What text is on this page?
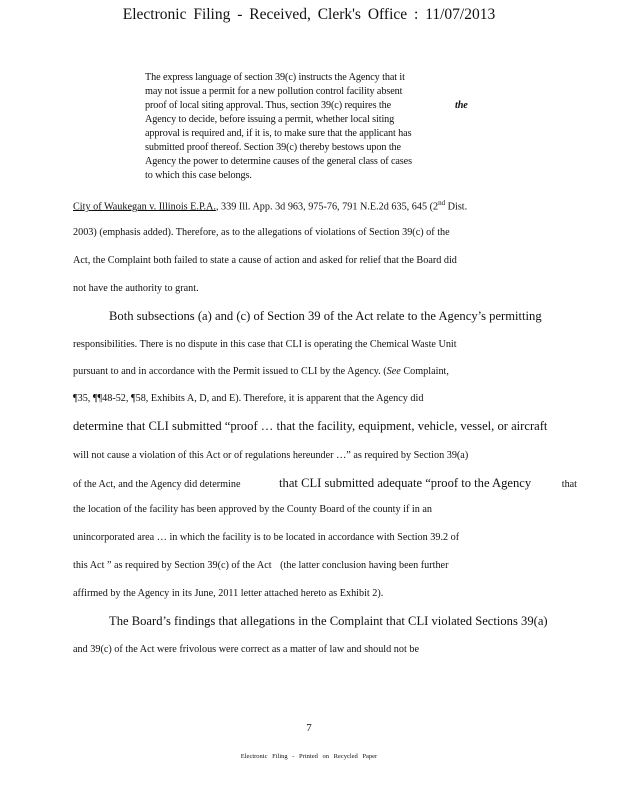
Electronic Filing - Received, Clerk's Office : 11/07/2013
The express language of section 39(c) instructs the Agency that it
may not issue a permit for a new pollution control facility absent
proof of local siting approval. Thus, section 39(c) requires the
Agency to decide, before issuing a permit, whether local siting
approval is required and, if it is, to make sure that the applicant has
submitted proof thereof. Section 39(c) thereby bestows upon the
Agency the power to determine causes of the general class of cases
to which this case belongs.
the
City of Waukegan v. Illinois E.P.A., 339 Ill. App. 3d 963, 975-76, 791 N.E.2d 635, 645 (2nd Dist.
2003) (emphasis added). Therefore, as to the allegations of violations of Section 39(c) of the
Act, the Complaint both failed to state a cause of action and asked for relief that the Board did
not have the authority to grant.
Both subsections (a) and (c) of Section 39 of the Act relate to the Agency’s permitting
responsibilities. There is no dispute in this case that CLI is operating the Chemical Waste Unit
pursuant to and in accordance with the Permit issued to CLI by the Agency. (See Complaint,
¶35, ¶¶48-52, ¶58, Exhibits A, D, and E). Therefore, it is apparent that the Agency did
determine that CLI submitted “proof … that the facility, equipment, vehicle, vessel, or aircraft
will not cause a violation of this Act or of regulations hereunder …” as required by Section 39(a)
of the Act, and the Agency did determine	that CLI submitted adequate “proof to the Agency	that
the location of the facility has been approved by the County Board of the county if in an
unincorporated area … in which the facility is to be located in accordance with Section 39.2 of
this Act ” as required by Section 39(c) of the Act (the latter conclusion having been further
affirmed by the Agency in its June, 2011 letter attached hereto as Exhibit 2).
The Board’s findings that allegations in the Complaint that CLI violated Sections 39(a)
and 39(c) of the Act were frivolous were correct as a matter of law and should not be
7
Electronic Filing - Printed on Recycled Paper
